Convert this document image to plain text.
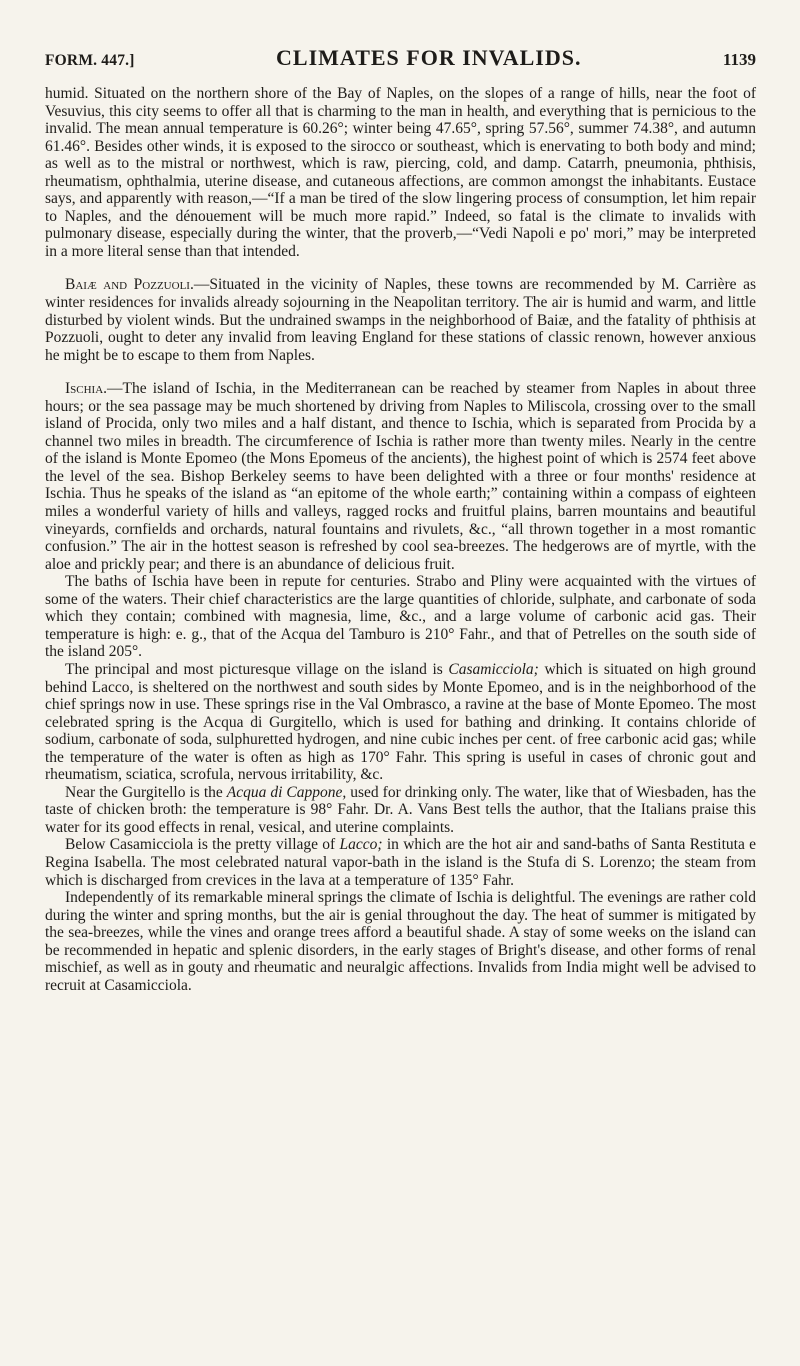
FORM. 447.]	CLIMATES FOR INVALIDS.	1139

humid. Situated on the northern shore of the Bay of Naples, on the slopes of a range of hills, near the foot of Vesuvius, this city seems to offer all that is charming to the man in health, and everything that is pernicious to the invalid. The mean annual temperature is 60.26°; winter being 47.65°, spring 57.56°, summer 74.38°, and autumn 61.46°. Besides other winds, it is exposed to the sirocco or southeast, which is enervating to both body and mind; as well as to the mistral or northwest, which is raw, piercing, cold, and damp. Catarrh, pneumonia, phthisis, rheumatism, ophthalmia, uterine disease, and cutaneous affections, are common amongst the inhabitants. Eustace says, and apparently with reason,—“If a man be tired of the slow lingering process of consumption, let him repair to Naples, and the dénouement will be much more rapid.” Indeed, so fatal is the climate to invalids with pulmonary disease, especially during the winter, that the proverb,—“Vedi Napoli e po' mori,” may be interpreted in a more literal sense than that intended.

Baiæ and Pozzuoli.—Situated in the vicinity of Naples, these towns are recommended by M. Carrière as winter residences for invalids already sojourning in the Neapolitan territory. The air is humid and warm, and little disturbed by violent winds. But the undrained swamps in the neighborhood of Baiæ, and the fatality of phthisis at Pozzuoli, ought to deter any invalid from leaving England for these stations of classic renown, however anxious he might be to escape to them from Naples.

Ischia.—The island of Ischia, in the Mediterranean can be reached by steamer from Naples in about three hours; or the sea passage may be much shortened by driving from Naples to Miliscola, crossing over to the small island of Procida, only two miles and a half distant, and thence to Ischia, which is separated from Procida by a channel two miles in breadth. The circumference of Ischia is rather more than twenty miles. Nearly in the centre of the island is Monte Epomeo (the Mons Epomeus of the ancients), the highest point of which is 2574 feet above the level of the sea. Bishop Berkeley seems to have been delighted with a three or four months' residence at Ischia. Thus he speaks of the island as “an epitome of the whole earth;” containing within a compass of eighteen miles a wonderful variety of hills and valleys, ragged rocks and fruitful plains, barren mountains and beautiful vineyards, cornfields and orchards, natural fountains and rivulets, &c., “all thrown together in a most romantic confusion.” The air in the hottest season is refreshed by cool sea-breezes. The hedgerows are of myrtle, with the aloe and prickly pear; and there is an abundance of delicious fruit.

The baths of Ischia have been in repute for centuries. Strabo and Pliny were acquainted with the virtues of some of the waters. Their chief characteristics are the large quantities of chloride, sulphate, and carbonate of soda which they contain; combined with magnesia, lime, &c., and a large volume of carbonic acid gas. Their temperature is high: e. g., that of the Acqua del Tamburo is 210° Fahr., and that of Petrelles on the south side of the island 205°.

The principal and most picturesque village on the island is Casamicciola; which is situated on high ground behind Lacco, is sheltered on the northwest and south sides by Monte Epomeo, and is in the neighborhood of the chief springs now in use. These springs rise in the Val Ombrasco, a ravine at the base of Monte Epomeo. The most celebrated spring is the Acqua di Gurgitello, which is used for bathing and drinking. It contains chloride of sodium, carbonate of soda, sulphuretted hydrogen, and nine cubic inches per cent. of free carbonic acid gas; while the temperature of the water is often as high as 170° Fahr. This spring is useful in cases of chronic gout and rheumatism, sciatica, scrofula, nervous irritability, &c.

Near the Gurgitello is the Acqua di Cappone, used for drinking only. The water, like that of Wiesbaden, has the taste of chicken broth: the temperature is 98° Fahr. Dr. A. Vans Best tells the author, that the Italians praise this water for its good effects in renal, vesical, and uterine complaints.

Below Casamicciola is the pretty village of Lacco; in which are the hot air and sand-baths of Santa Restituta e Regina Isabella. The most celebrated natural vapor-bath in the island is the Stufa di S. Lorenzo; the steam from which is discharged from crevices in the lava at a temperature of 135° Fahr.

Independently of its remarkable mineral springs the climate of Ischia is delightful. The evenings are rather cold during the winter and spring months, but the air is genial throughout the day. The heat of summer is mitigated by the sea-breezes, while the vines and orange trees afford a beautiful shade. A stay of some weeks on the island can be recommended in hepatic and splenic disorders, in the early stages of Bright's disease, and other forms of renal mischief, as well as in gouty and rheumatic and neuralgic affections. Invalids from India might well be advised to recruit at Casamicciola.
